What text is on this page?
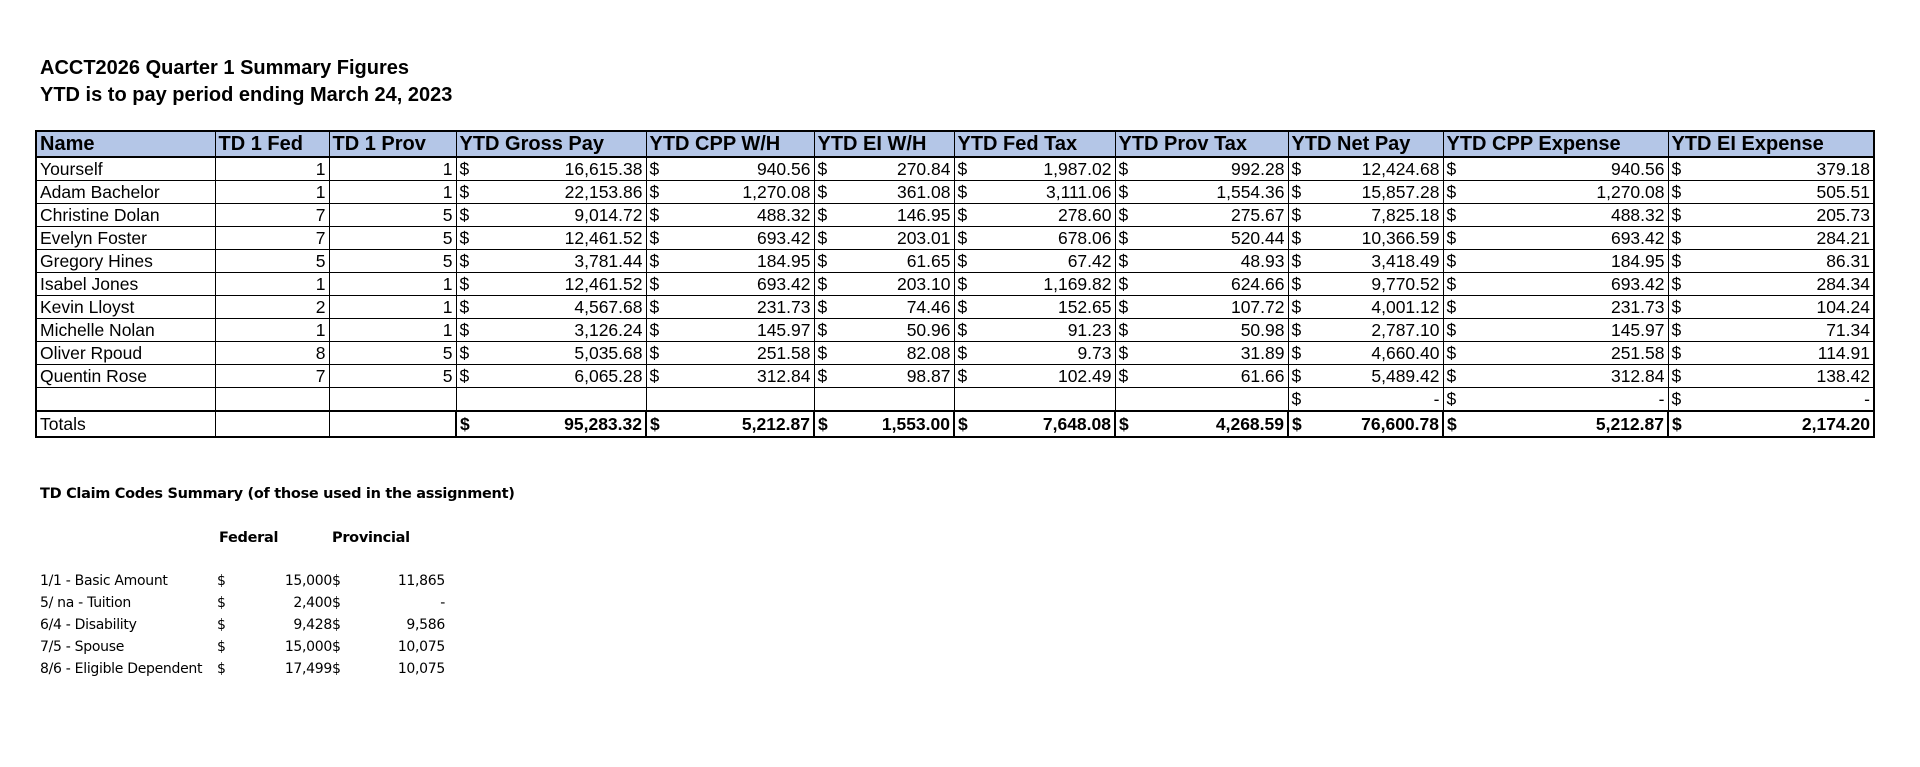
ACCT2026 Quarter 1 Summary Figures
YTD is to pay period ending March 24, 2023
Name	TD 1 Fed	TD 1 Prov	YTD Gross Pay	YTD CPP W/H	YTD EI W/H	YTD Fed Tax	YTD Prov Tax	YTD Net Pay	YTD CPP Expense	YTD EI Expense
Yourself	1	1	$ 16,615.38	$ 940.56	$ 270.84	$ 1,987.02	$ 992.28	$ 12,424.68	$ 940.56	$ 379.18

Adam Bachelor	1	1	$ 22,153.86	$ 1,270.08	$ 361.08	$ 3,111.06	$ 1,554.36	$ 15,857.28	$ 1,270.08	$ 505.51

Christine Dolan	7	5	$ 9,014.72	$ 488.32	$ 146.95	$ 278.60	$ 275.67	$ 7,825.18	$ 488.32	$ 205.73

Evelyn Foster	7	5	$ 12,461.52	$ 693.42	$ 203.01	$ 678.06	$ 520.44	$ 10,366.59	$ 693.42	$ 284.21

Gregory Hines	5	5	$ 3,781.44	$ 184.95	$ 61.65	$ 67.42	$ 48.93	$ 3,418.49	$ 184.95	$ 86.31

Isabel Jones	1	1	$ 12,461.52	$ 693.42	$ 203.10	$ 1,169.82	$ 624.66	$ 9,770.52	$ 693.42	$ 284.34

Kevin Lloyst	2	1	$ 4,567.68	$ 231.73	$ 74.46	$ 152.65	$ 107.72	$ 4,001.12	$ 231.73	$ 104.24

Michelle Nolan	1	1	$ 3,126.24	$ 145.97	$ 50.96	$ 91.23	$ 50.98	$ 2,787.10	$ 145.97	$ 71.34

Oliver Rpoud	8	5	$ 5,035.68	$ 251.58	$ 82.08	$ 9.73	$ 31.89	$ 4,660.40	$ 251.58	$ 114.91

Quentin Rose	7	5	$ 6,065.28	$ 312.84	$ 98.87	$ 102.49	$ 61.66	$ 5,489.42	$ 312.84	$ 138.42

								$ -	$ -	$ -

Totals			$ 95,283.32	$ 5,212.87	$ 1,553.00	$ 7,648.08	$ 4,268.59	$ 76,600.78	$ 5,212.87	$ 2,174.20
TD Claim Codes Summary (of those used in the assignment)
Federal	Provincial
1/1 - Basic Amount	$	15,000	$	11,865
5/ na - Tuition	$	2,400	$	-
6/4 - Disability	$	9,428	$	9,586
7/5 - Spouse	$	15,000	$	10,075
8/6 - Eligible Dependent	$	17,499	$	10,075
